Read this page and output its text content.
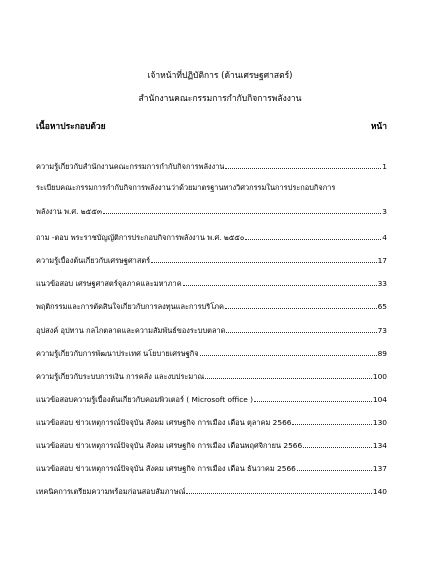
เจ้าหน้าที่ปฏิบัติการ (ด้านเศรษฐศาสตร์)
สำนักงานคณะกรรมการกำกับกิจการพลังงาน
เนื้อหาประกอบด้วย	หน้า
ความรู้เกี่ยวกับสำนักงานคณะกรรมการกำกับกิจการพลังงาน	1
ระเบียบคณะกรรมการกำกับกิจการพลังงานว่าด้วยมาตรฐานทางวิศวกรรมในการประกอบกิจการ
พลังงาน พ.ศ. ๒๕๕๓	3
ถาม -ตอบ พระราชบัญญัติการประกอบกิจการพลังงาน พ.ศ. ๒๕๕๐	4
ความรู้เบื้องต้นเกี่ยวกับเศรษฐศาสตร์	17
แนวข้อสอบ เศรษฐศาสตร์จุลภาคและมหาภาค	33
พฤติกรรมและการตัดสินใจเกี่ยวกับการลงทุนและการบริโภค	65
อุปสงค์ อุปทาน กลไกตลาดและความสัมพันธ์ของระบบตลาด	73
ความรู้เกี่ยวกับการพัฒนาประเทศ นโยบายเศรษฐกิจ	89
ความรู้เกี่ยวกับระบบการเงิน การคลัง และงบประมาณ	100
แนวข้อสอบความรู้เบื้องต้นเกี่ยวกับคอมพิวเตอร์ ( Microsoft office )	104
แนวข้อสอบ ข่าวเหตุการณ์ปัจจุบัน สังคม เศรษฐกิจ การเมือง เดือน ตุลาคม 2566	130
แนวข้อสอบ ข่าวเหตุการณ์ปัจจุบัน สังคม เศรษฐกิจ การเมือง เดือนพฤศจิกายน 2566	134
แนวข้อสอบ ข่าวเหตุการณ์ปัจจุบัน สังคม เศรษฐกิจ การเมือง เดือน ธันวาคม 2566	137
เทคนิคการเตรียมความพร้อมก่อนสอบสัมภาษณ์	140
